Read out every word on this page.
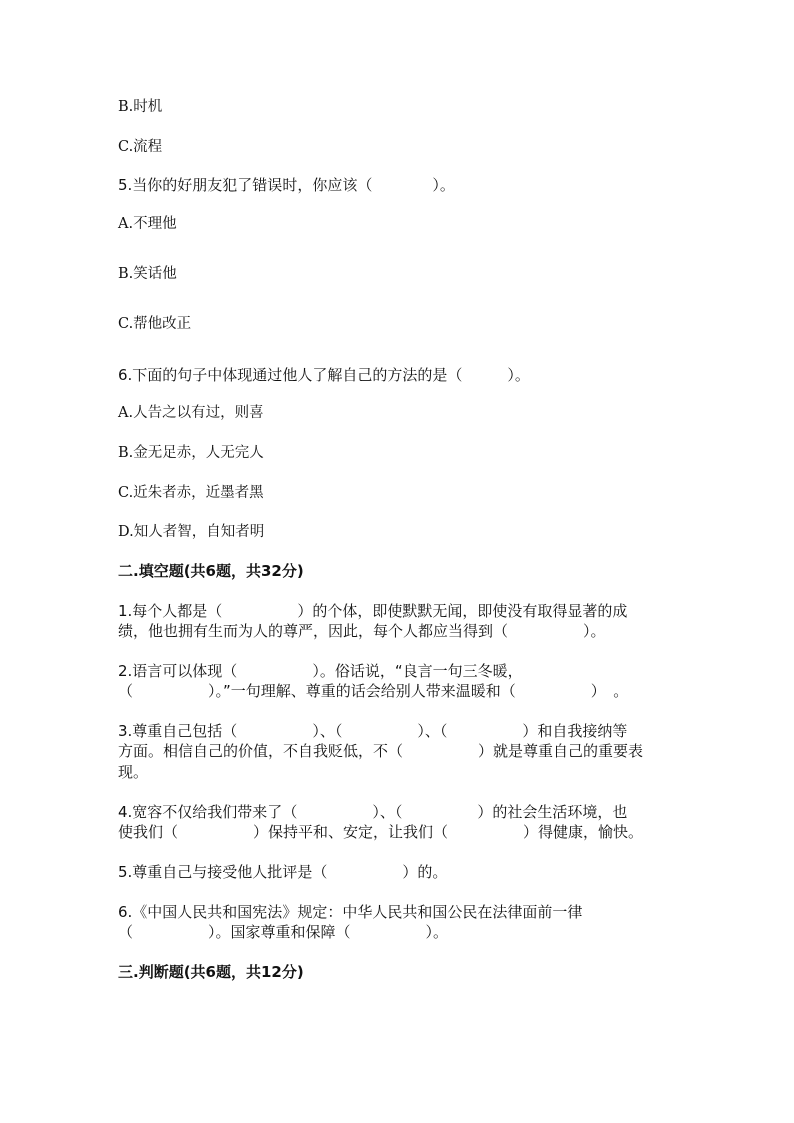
B.时机
C.流程
5.当你的好朋友犯了错误时，你应该（　　　　）。
A.不理他
B.笑话他
C.帮他改正
6.下面的句子中体现通过他人了解自己的方法的是（　　　）。
A.人告之以有过，则喜
B.金无足赤，人无完人
C.近朱者赤，近墨者黑
D.知人者智，自知者明
二.填空题(共6题，共32分)
1.每个人都是（　　　　　）的个体，即使默默无闻，即使没有取得显著的成
绩，他也拥有生而为人的尊严，因此，每个人都应当得到（　　　　　）。
2.语言可以体现（　　　　　）。俗话说，“良言一句三冬暖，
（　　　　　）。”一句理解、尊重的话会给别人带来温暖和（　　　　　）　。
3.尊重自己包括（　　　　　）、（　　　　　）、（　　　　　）和自我接纳等
方面。相信自己的价值，不自我贬低，不（　　　　　）就是尊重自己的重要表
现。
4.宽容不仅给我们带来了（　　　　　）、（　　　　　）的社会生活环境，也
使我们（　　　　　）保持平和、安定，让我们（　　　　　）得健康，愉快。
5.尊重自己与接受他人批评是（　　　　　）的。
6.《中国人民共和国宪法》规定：中华人民共和国公民在法律面前一律
（　　　　　）。国家尊重和保障（　　　　　）。
三.判断题(共6题，共12分)
